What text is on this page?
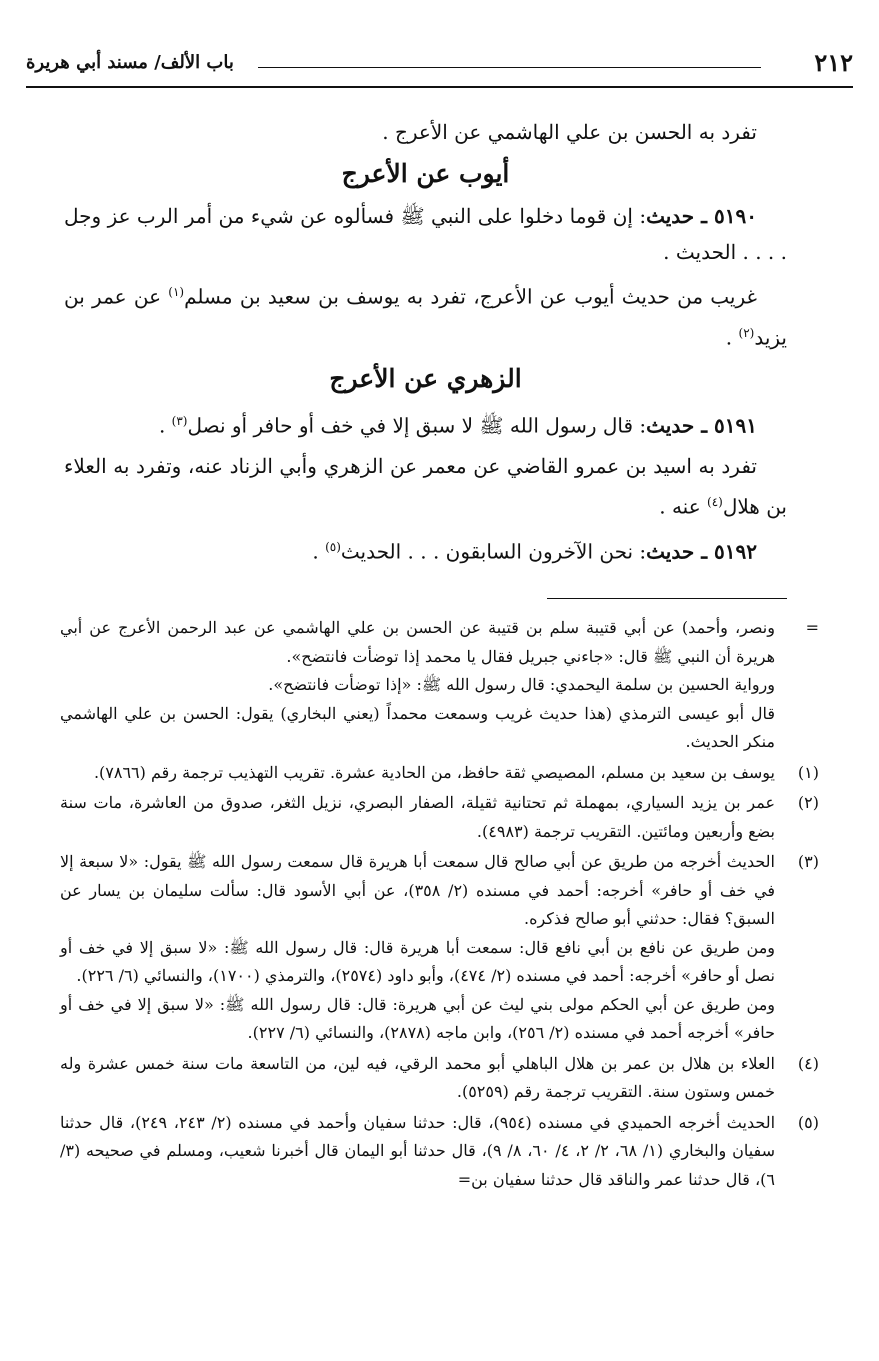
٢١٢
باب الألف/ مسند أبي هريرة

تفرد به الحسن بن علي الهاشمي عن الأعرج .

أيوب عن الأعرج

٥١٩٠ ـ حديث: إن قوما دخلوا على النبي ﷺ فسألوه عن شيء من أمر الرب عز وجل . . . . الحديث .

غريب من حديث أيوب عن الأعرج، تفرد به يوسف بن سعيد بن مسلم$^{(١)}$ عن عمر بن يزيد$^{(٢)}$ .

الزهري عن الأعرج

٥١٩١ ـ حديث: قال رسول الله ﷺ لا سبق إلا في خف أو حافر أو نصل$^{(٣)}$ .

تفرد به اسيد بن عمرو القاضي عن معمر عن الزهري وأبي الزناد عنه، وتفرد به العلاء بن هلال$^{(٤)}$ عنه .

٥١٩٢ ـ حديث: نحن الآخرون السابقون . . . الحديث$^{(٥)}$ .

=

ونصر، وأحمد) عن أبي قتيبة سلم بن قتيبة عن الحسن بن علي الهاشمي عن عبد الرحمن الأعرج عن أبي هريرة أن النبي ﷺ قال: «جاءني جبريل فقال يا محمد إذا توضأت فانتضح».

ورواية الحسين بن سلمة اليحمدي: قال رسول الله ﷺ: «إذا توضأت فانتضح».

قال أبو عيسى الترمذي (هذا حديث غريب وسمعت محمداً (يعني البخاري) يقول: الحسن بن علي الهاشمي منكر الحديث.

(١)

يوسف بن سعيد بن مسلم، المصيصي ثقة حافظ، من الحادية عشرة. تقريب التهذيب ترجمة رقم (٧٨٦٦).

(٢)

عمر بن يزيد السياري، بمهملة ثم تحتانية ثقيلة، الصفار البصري، نزيل الثغر، صدوق من العاشرة، مات سنة بضع وأربعين ومائتين. التقريب ترجمة (٤٩٨٣).

(٣)

الحديث أخرجه من طريق عن أبي صالح قال سمعت أبا هريرة قال سمعت رسول الله ﷺ يقول: «لا سبعة إلا في خف أو حافر» أخرجه: أحمد في مسنده (٢/ ٣٥٨)، عن أبي الأسود قال: سألت سليمان بن يسار عن السبق؟ فقال: حدثني أبو صالح فذكره.

ومن طريق عن نافع بن أبي نافع قال: سمعت أبا هريرة قال: قال رسول الله ﷺ: «لا سبق إلا في خف أو نصل أو حافر» أخرجه: أحمد في مسنده (٢/ ٤٧٤)، وأبو داود (٢٥٧٤)، والترمذي (١٧٠٠)، والنسائي (٦/ ٢٢٦).

ومن طريق عن أبي الحكم مولى بني ليث عن أبي هريرة: قال: قال رسول الله ﷺ: «لا سبق إلا في خف أو حافر» أخرجه أحمد في مسنده (٢/ ٢٥٦)، وابن ماجه (٢٨٧٨)، والنسائي (٦/ ٢٢٧).

(٤)

العلاء بن هلال بن عمر بن هلال الباهلي أبو محمد الرقي، فيه لين، من التاسعة مات سنة خمس عشرة وله خمس وستون سنة. التقريب ترجمة رقم (٥٢٥٩).

(٥)

الحديث أخرجه الحميدي في مسنده (٩٥٤)، قال: حدثنا سفيان وأحمد في مسنده (٢/ ٢٤٣، ٢٤٩)، قال حدثنا سفيان والبخاري (١/ ٦٨، ٢/ ٢، ٤/ ٦٠، ٨/ ٩)، قال حدثنا أبو اليمان قال أخبرنا شعيب، ومسلم في صحيحه (٣/ ٦)، قال حدثنا عمر والناقد قال حدثنا سفيان بن=
